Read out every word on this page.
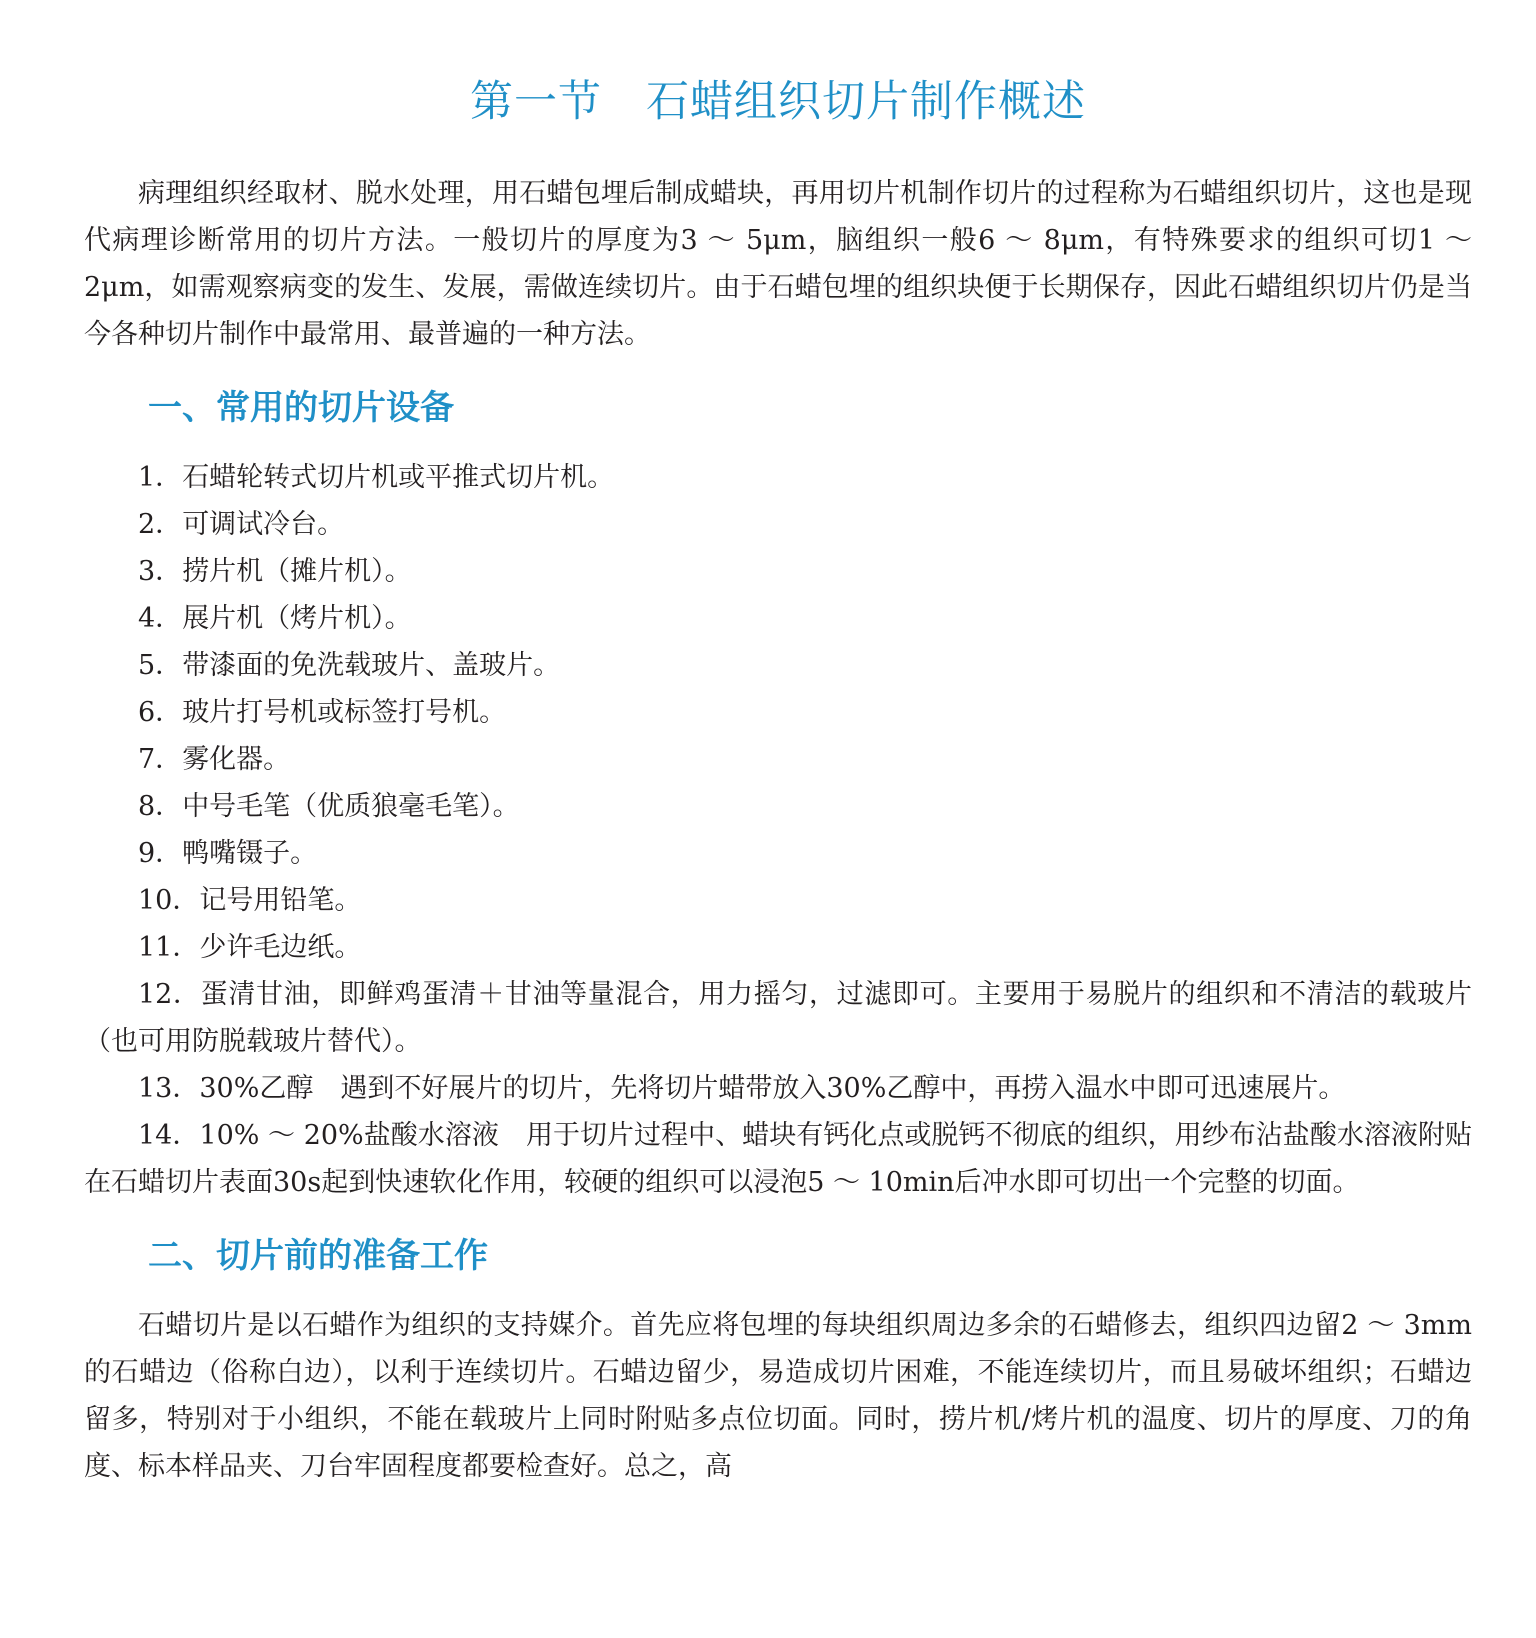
第一节　石蜡组织切片制作概述

病理组织经取材、脱水处理，用石蜡包埋后制成蜡块，再用切片机制作切片的过程称为石蜡组织切片，这也是现代病理诊断常用的切片方法。一般切片的厚度为3 ～ 5μm，脑组织一般6 ～ 8μm，有特殊要求的组织可切1 ～ 2μm，如需观察病变的发生、发展，需做连续切片。由于石蜡包埋的组织块便于长期保存，因此石蜡组织切片仍是当今各种切片制作中最常用、最普遍的一种方法。

一、常用的切片设备
1．石蜡轮转式切片机或平推式切片机。
2．可调试冷台。
3．捞片机（摊片机）。
4．展片机（烤片机）。
5．带漆面的免洗载玻片、盖玻片。
6．玻片打号机或标签打号机。
7．雾化器。
8．中号毛笔（优质狼毫毛笔）。
9．鸭嘴镊子。
10．记号用铅笔。
11．少许毛边纸。
12．蛋清甘油，即鲜鸡蛋清＋甘油等量混合，用力摇匀，过滤即可。主要用于易脱片的组织和不清洁的载玻片（也可用防脱载玻片替代）。
13．30%乙醇　遇到不好展片的切片，先将切片蜡带放入30%乙醇中，再捞入温水中即可迅速展片。
14．10% ～ 20%盐酸水溶液　用于切片过程中、蜡块有钙化点或脱钙不彻底的组织，用纱布沾盐酸水溶液附贴在石蜡切片表面30s起到快速软化作用，较硬的组织可以浸泡5 ～ 10min后冲水即可切出一个完整的切面。
二、切片前的准备工作

石蜡切片是以石蜡作为组织的支持媒介。首先应将包埋的每块组织周边多余的石蜡修去，组织四边留2 ～ 3mm的石蜡边（俗称白边），以利于连续切片。石蜡边留少，易造成切片困难，不能连续切片，而且易破坏组织；石蜡边留多，特别对于小组织，不能在载玻片上同时附贴多点位切面。同时，捞片机/烤片机的温度、切片的厚度、刀的角度、标本样品夹、刀台牢固程度都要检查好。总之，高
